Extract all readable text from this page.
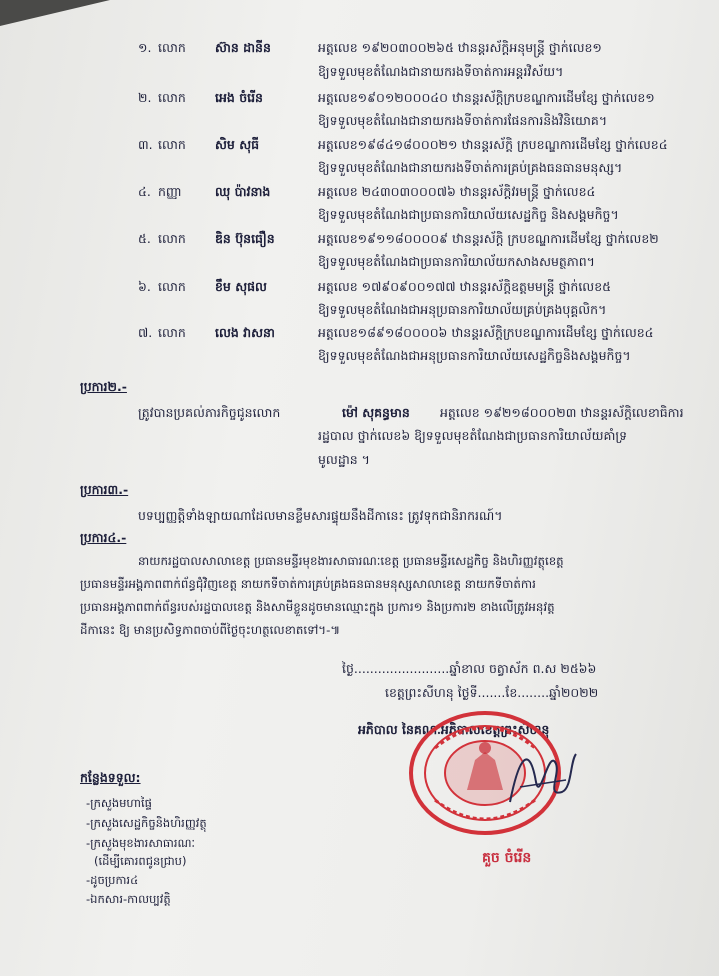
១. លោក ស៊ាន ដានីន	អត្តលេខ ១៩២០៣០០២៦៥ ឋានន្តរស័ក្តិអនុមន្ត្រី ថ្នាក់លេខ១
ឱ្យទទួលមុខតំណែងជានាយករងទីចាត់ការអន្តរវិស័យ។
២. លោក អេង ចំរើន	អត្តលេខ១៩០១២០០០៤០ ឋានន្តរស័ក្តិក្របខណ្ឌការដើមខ្សែ ថ្នាក់លេខ១
ឱ្យទទួលមុខតំណែងជានាយករងទីចាត់ការផែនការនិងវិនិយោគ។
៣. លោក សិម សុធី	អត្តលេខ១៩៨៤១៨០០០២១ ឋានន្តរស័ក្តិ ក្របខណ្ឌការដើមខ្សែ ថ្នាក់លេខ៤
ឱ្យទទួលមុខតំណែងជានាយករងទីចាត់ការគ្រប់គ្រងធនធានមនុស្ស។
៤. កញ្ញា	ឈុ ប៉ាវនាង	អត្តលេខ ២៤៣០៣០០០៧៦ ឋានន្តរស័ក្តិវរមន្ត្រី ថ្នាក់លេខ៤
ឱ្យទទួលមុខតំណែងជាប្រធានការិយាល័យសេដ្ឋកិច្ច និងសង្គមកិច្ច។
៥. លោក ឌិន ប៊ុនធឿន	អត្តលេខ១៩១១៨០០០០៩ ឋានន្តរស័ក្តិ ក្របខណ្ឌការដើមខ្សែ ថ្នាក់លេខ២
ឱ្យទទួលមុខតំណែងជាប្រធានការិយាល័យកសាងសមត្ថភាព។
៦. លោក ខឹម សុផល	អត្តលេខ ១៧៩០៩០០១៧៧ ឋានន្តរស័ក្តិឧត្តមមន្ត្រី ថ្នាក់លេខ៥
ឱ្យទទួលមុខតំណែងជាអនុប្រធានការិយាល័យគ្រប់គ្រងបុគ្គលិក។
៧. លោក លេង វាសនា	អត្តលេខ១៨៩១៨០០០០៦ ឋានន្តរស័ក្តិក្របខណ្ឌការដើមខ្សែ ថ្នាក់លេខ៤
ឱ្យទទួលមុខតំណែងជាអនុប្រធានការិយាល័យសេដ្ឋកិច្ចនិងសង្គមកិច្ច។
ប្រការ២.-
ត្រូវបានប្រគល់ភារកិច្ចជូនលោក	ម៉ៅ សុគន្ធមាន អត្តលេខ ១៩២១៨០០០២៣ ឋានន្តរស័ក្តិលេខាធិការ
រដ្ឋបាល ថ្នាក់លេខ៦ ឱ្យទទួលមុខតំណែងជាប្រធានការិយាល័យគាំទ្រ
មូលដ្ឋាន ។
ប្រការ៣.-
បទប្បញ្ញត្តិទាំងឡាយណាដែលមានខ្លឹមសារផ្ទុយនឹងដីកានេះ ត្រូវទុកជានិរាករណ៍។
ប្រការ៤.-
នាយករដ្ឋបាលសាលាខេត្ត ប្រធានមន្ទីរមុខងារសាធារណៈខេត្ត ប្រធានមន្ទីរសេដ្ឋកិច្ច និងហិរញ្ញវត្ថុខេត្ត
ប្រធានមន្ទីរអង្គភាពពាក់ព័ន្ធជុំវិញខេត្ត នាយកទីចាត់ការគ្រប់គ្រងធនធានមនុស្សសាលាខេត្ត នាយកទីចាត់ការ
ប្រធានអង្គភាពពាក់ព័ន្ធរបស់រដ្ឋបាលខេត្ត និងសាមីខ្លួនដូចមានឈ្មោះក្នុង ប្រការ១ និងប្រការ២ ខាងលើត្រូវអនុវត្ត
ដីកានេះ ឱ្យ មានប្រសិទ្ធភាពចាប់ពីថ្ងៃចុះហត្ថលេខាតទៅ។-៕
ថ្ងៃ........................ឆ្នាំខាល ចត្វាស័ក ព.ស ២៥៦៦
ខេត្តព្រះសីហនុ ថ្ងៃទី.......ខែ........ឆ្នាំ២០២២
អភិបាល នៃគណៈអភិបាលខេត្តព្រះសីហនុ
គួច ចំរើន
កន្លែងទទួល:
-ក្រសួងមហាផ្ទៃ
-ក្រសួងសេដ្ឋកិច្ចនិងហិរញ្ញវត្ថុ
-ក្រសួងមុខងារសាធារណៈ
(ដើម្បីគោរពជូនជ្រាប)
-ដូចប្រការ៤
-ឯកសារ-កាលប្បវត្តិ
